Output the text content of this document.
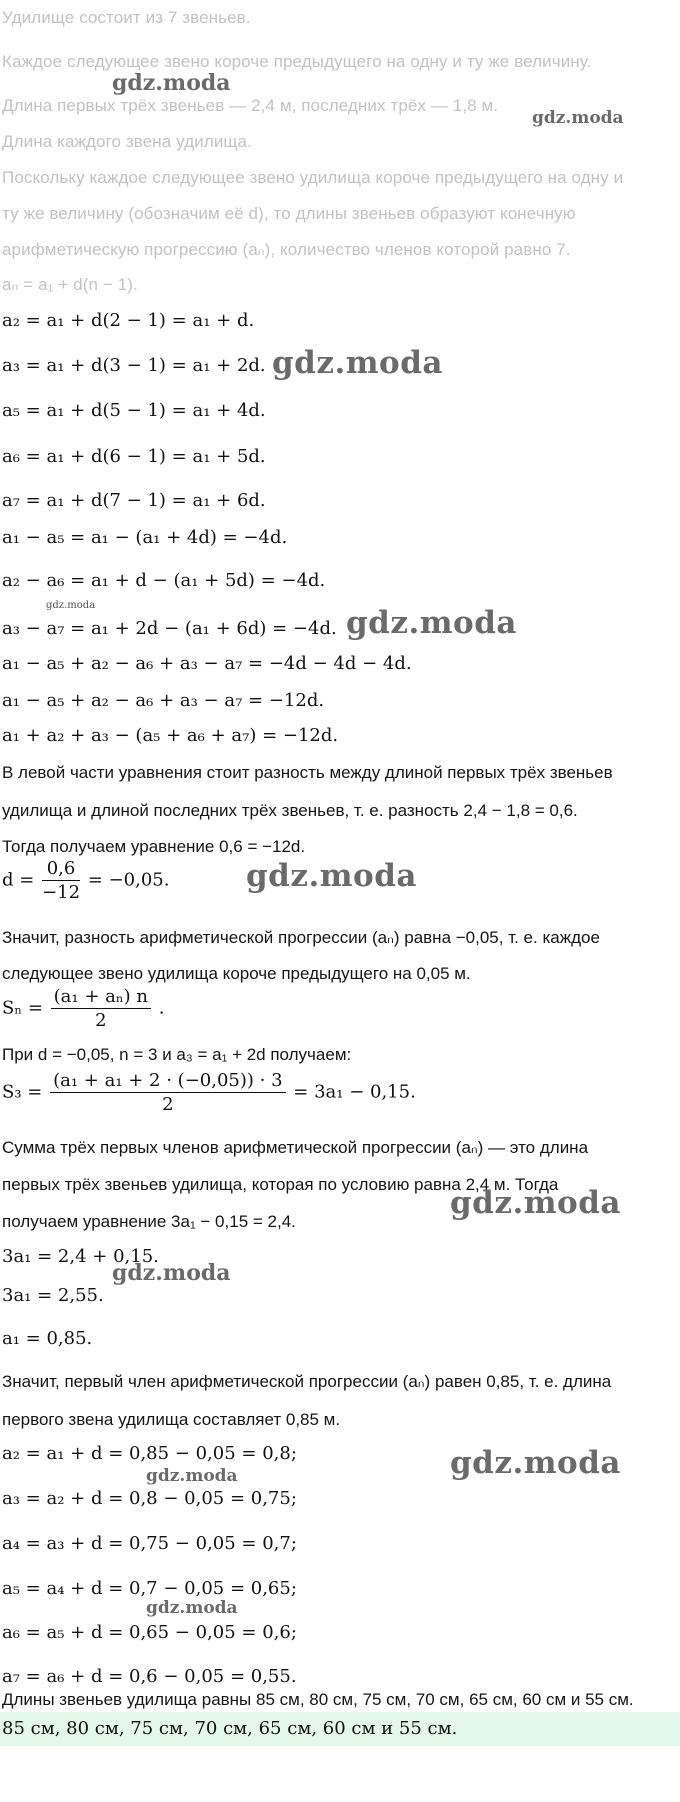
Удилище состоит из 7 звеньев.
Каждое следующее звено короче предыдущего на одну и ту же величину.
Длина первых трёх звеньев — 2,4 м, последних трёх — 1,8 м.
Длина каждого звена удилища.
Поскольку каждое следующее звено удилища короче предыдущего на одну и
ту же величину (обозначим её d), то длины звеньев образуют конечную
арифметическую прогрессию (aₙ), количество членов которой равно 7.
aₙ = a₁ + d(n − 1).
a₂ = a₁ + d(2 − 1) = a₁ + d.
a₃ = a₁ + d(3 − 1) = a₁ + 2d.
a₅ = a₁ + d(5 − 1) = a₁ + 4d.
a₆ = a₁ + d(6 − 1) = a₁ + 5d.
a₇ = a₁ + d(7 − 1) = a₁ + 6d.
a₁ − a₅ = a₁ − (a₁ + 4d) = −4d.
a₂ − a₆ = a₁ + d − (a₁ + 5d) = −4d.
a₃ − a₇ = a₁ + 2d − (a₁ + 6d) = −4d.
a₁ − a₅ + a₂ − a₆ + a₃ − a₇ = −4d − 4d − 4d.
a₁ − a₅ + a₂ − a₆ + a₃ − a₇ = −12d.
a₁ + a₂ + a₃ − (a₅ + a₆ + a₇) = −12d.
В левой части уравнения стоит разность между длиной первых трёх звеньев
удилища и длиной последних трёх звеньев, т. е. разность 2,4 − 1,8 = 0,6.
Тогда получаем уравнение 0,6 = −12d.
$d = \frac{0,6}{-12} = -0,05$.
Значит, разность арифметической прогрессии (aₙ) равна −0,05, т. е. каждое
следующее звено удилища короче предыдущего на 0,05 м.
$S_n = \frac{\text{(a₁ + aₙ) n}}{2}$ .
При d = −0,05, n = 3 и a₃ = a₁ + 2d получаем:
$S_3 = \frac{\text{(a₁ + a₁ + 2 · (−0,05)) · 3}}{2} = 3a_1 - 0,15$.
Сумма трёх первых членов арифметической прогрессии (aₙ) — это длина
первых трёх звеньев удилища, которая по условию равна 2,4 м. Тогда
получаем уравнение 3a₁ − 0,15 = 2,4.
3a₁ = 2,4 + 0,15.
3a₁ = 2,55.
a₁ = 0,85.
Значит, первый член арифметической прогрессии (aₙ) равен 0,85, т. е. длина
первого звена удилища составляет 0,85 м.
a₂ = a₁ + d = 0,85 − 0,05 = 0,8;
a₃ = a₂ + d = 0,8 − 0,05 = 0,75;
a₄ = a₃ + d = 0,75 − 0,05 = 0,7;
a₅ = a₄ + d = 0,7 − 0,05 = 0,65;
a₆ = a₅ + d = 0,65 − 0,05 = 0,6;
a₇ = a₆ + d = 0,6 − 0,05 = 0,55.
Длины звеньев удилища равны 85 см, 80 см, 75 см, 70 см, 65 см, 60 см и 55 см.
85 см, 80 см, 75 см, 70 см, 65 см, 60 см и 55 см.
gdz.moda
gdz.moda
gdz.moda
gdz.moda	gdz.moda
gdz.moda
gdz.moda
gdz.moda
gdz.moda
gdz.moda
gdz.moda
